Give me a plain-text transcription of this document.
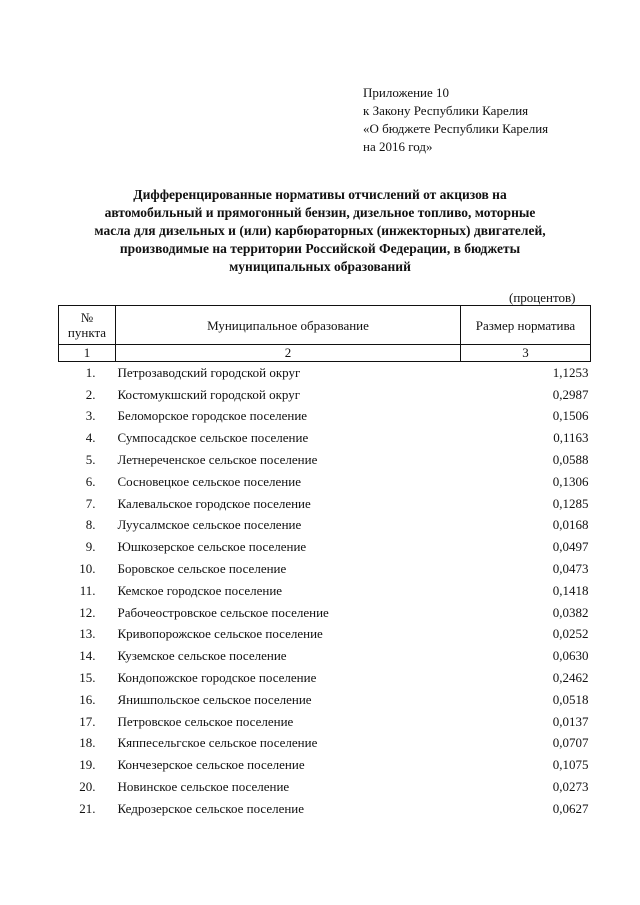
Приложение 10
к Закону Республики Карелия
«О бюджете Республики Карелия
на 2016 год»
Дифференцированные нормативы отчислений от акцизов на
автомобильный и прямогонный бензин, дизельное топливо, моторные
масла для дизельных и (или) карбюраторных (инжекторных) двигателей,
производимые на территории Российской Федерации, в бюджеты
муниципальных образований
(процентов)
№
пункта	Муниципальное образование	Размер норматива
1	2	3
1.	Петрозаводский городской округ	1,1253
2.	Костомукшский городской округ	0,2987
3.	Беломорское городское поселение	0,1506
4.	Сумпосадское сельское поселение	0,1163
5.	Летнереченское сельское поселение	0,0588
6.	Сосновецкое сельское поселение	0,1306
7.	Калевальское городское поселение	0,1285
8.	Луусалмское сельское поселение	0,0168
9.	Юшкозерское сельское поселение	0,0497
10.	Боровское сельское поселение	0,0473
11.	Кемское городское поселение	0,1418
12.	Рабочеостровское сельское поселение	0,0382
13.	Кривопорожское сельское поселение	0,0252
14.	Куземское сельское поселение	0,0630
15.	Кондопожское городское поселение	0,2462
16.	Янишпольское сельское поселение	0,0518
17.	Петровское сельское поселение	0,0137
18.	Кяппесельгское сельское поселение	0,0707
19.	Кончезерское сельское поселение	0,1075
20.	Новинское сельское поселение	0,0273
21.	Кедрозерское сельское поселение	0,0627
